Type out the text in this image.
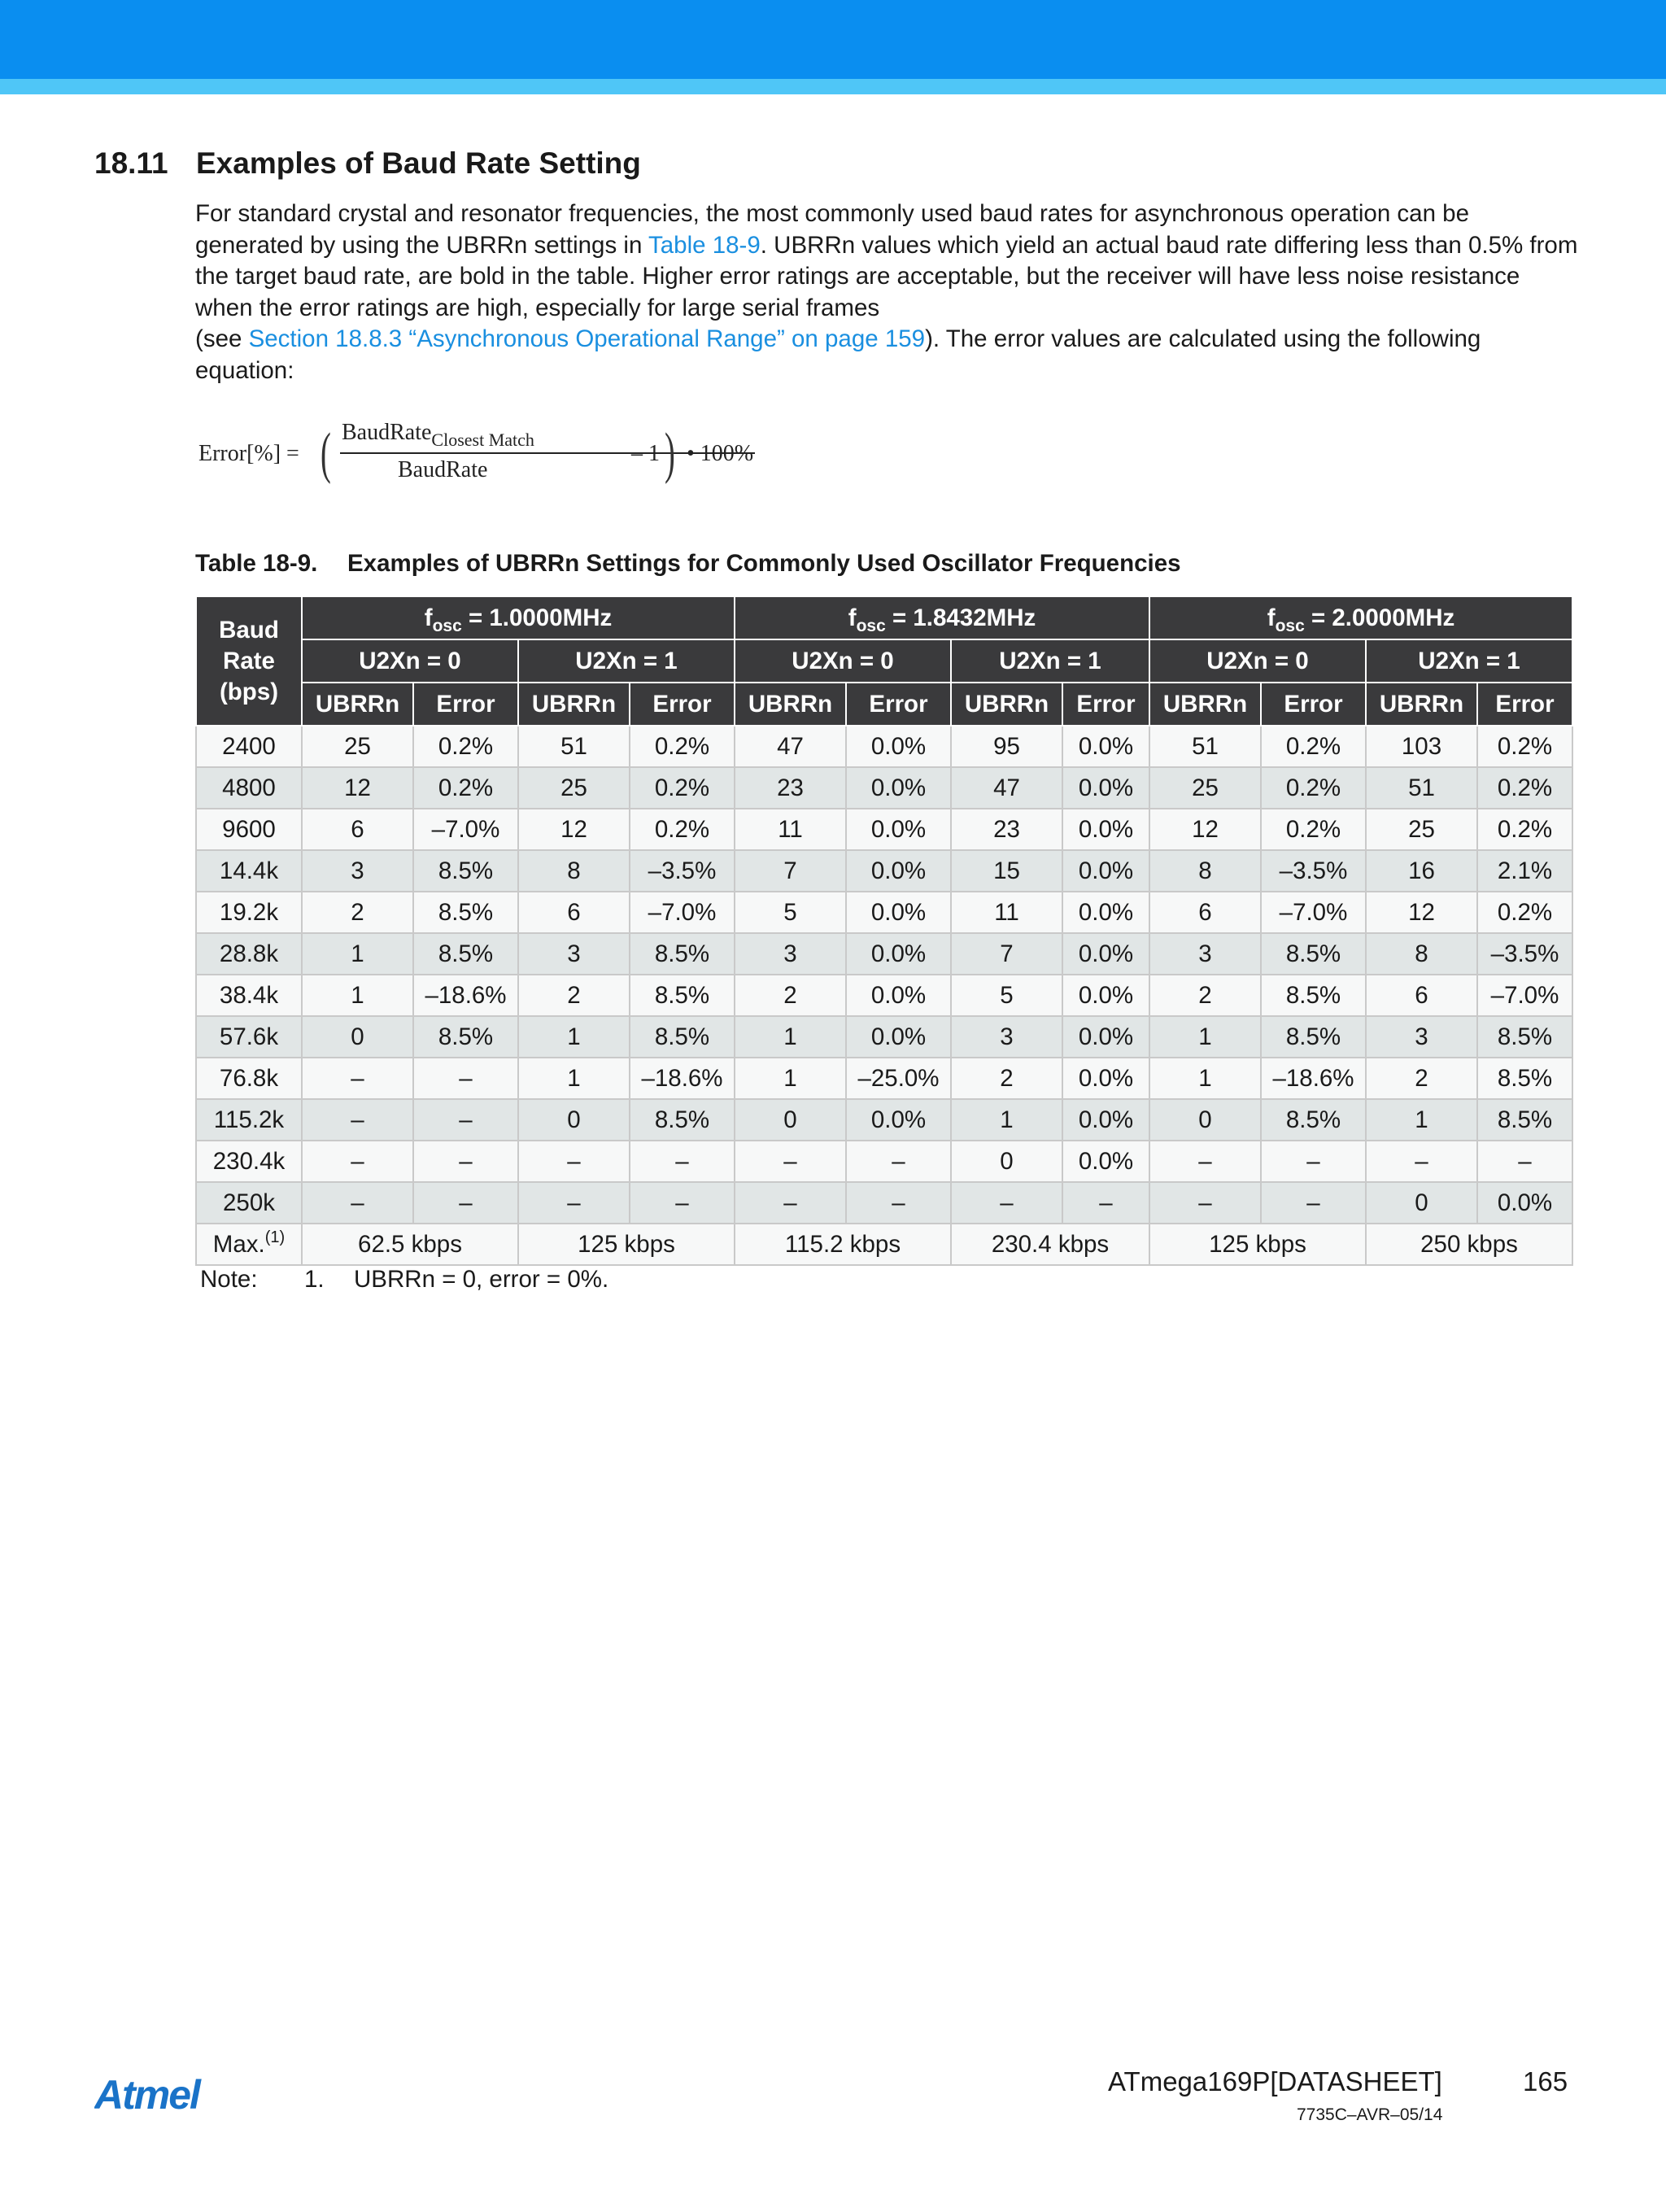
18.11 Examples of Baud Rate Setting
For standard crystal and resonator frequencies, the most commonly used baud rates for asynchronous operation can be generated by using the UBRRn settings in Table 18-9. UBRRn values which yield an actual baud rate differing less than 0.5% from the target baud rate, are bold in the table. Higher error ratings are acceptable, but the receiver will have less noise resistance when the error ratings are high, especially for large serial frames
(see Section 18.8.3 “Asynchronous Operational Range” on page 159). The error values are calculated using the following equation:
Error[%] = ( BaudRate$_{Closest Match}$
BaudRate
– 1 ) • 100%
Table 18-9. Examples of UBRRn Settings for Commonly Used Oscillator Frequencies
Baud
Rate
(bps)	$f_{osc} = 1.0000MHz$				$f_{osc} = 1.8432MHz$				$f_{osc} = 2.0000MHz$			
	U2Xn = 0		U2Xn = 1		U2Xn = 0		U2Xn = 1		U2Xn = 0		U2Xn = 1	
	UBRRn	Error	UBRRn	Error	UBRRn	Error	UBRRn	Error	UBRRn	Error	UBRRn	Error
2400	25	0.2%	51	0.2%	47	0.0%	95	0.0%	51	0.2%	103	0.2%
4800	12	0.2%	25	0.2%	23	0.0%	47	0.0%	25	0.2%	51	0.2%
9600	6	–7.0%	12	0.2%	11	0.0%	23	0.0%	12	0.2%	25	0.2%
14.4k	3	8.5%	8	–3.5%	7	0.0%	15	0.0%	8	–3.5%	16	2.1%
19.2k	2	8.5%	6	–7.0%	5	0.0%	11	0.0%	6	–7.0%	12	0.2%
28.8k	1	8.5%	3	8.5%	3	0.0%	7	0.0%	3	8.5%	8	–3.5%
38.4k	1	–18.6%	2	8.5%	2	0.0%	5	0.0%	2	8.5%	6	–7.0%
57.6k	0	8.5%	1	8.5%	1	0.0%	3	0.0%	1	8.5%	3	8.5%
76.8k	–	–	1	–18.6%	1	–25.0%	2	0.0%	1	–18.6%	2	8.5%
115.2k	–	–	0	8.5%	0	0.0%	1	0.0%	0	8.5%	1	8.5%
230.4k	–	–	–	–	–	–	0	0.0%	–	–	–	–
250k	–	–	–	–	–	–	–	–	–	–	0	0.0%
Max.$^{(1)}$	62.5 kbps		125 kbps		115.2 kbps		230.4 kbps		125 kbps		250 kbps	
Note: 1. UBRRn = 0, error = 0%.
Atmel	ATmega169P[DATASHEET]	165
7735C–AVR–05/14
